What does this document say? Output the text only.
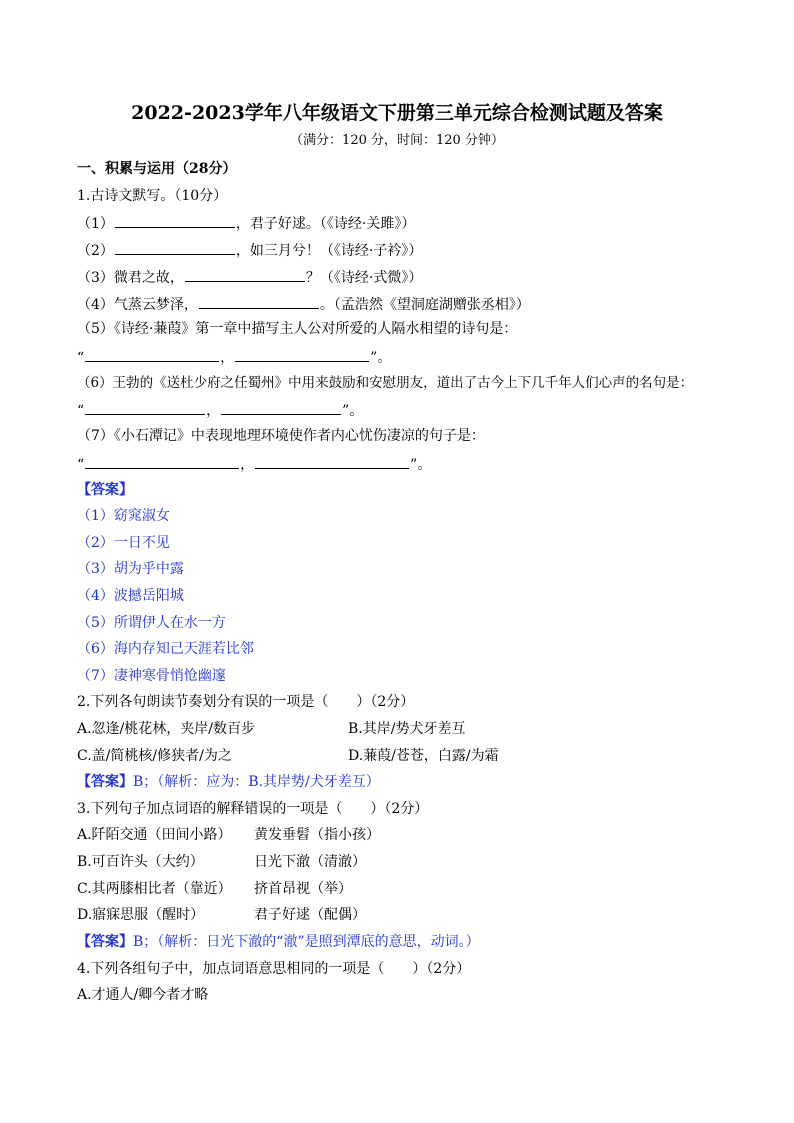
2022-2023学年八年级语文下册第三单元综合检测试题及答案
（满分：120 分，时间：120 分钟）
一、积累与运用（28分）
1.古诗文默写。（10分）
（1）	，君子好逑。（《诗经·关雎》）
（2）	，如三月兮！（《诗经·子衿》）
（3）微君之故，	？（《诗经·式微》）
（4）气蒸云梦泽，	。（孟浩然《望洞庭湖赠张丞相》）
（5）《诗经·蒹葭》第一章中描写主人公对所爱的人隔水相望的诗句是：
“	，	”。
（6）王勃的《送杜少府之任蜀州》中用来鼓励和安慰朋友，道出了古今上下几千年人们心声的名句是：
“	，	”。
（7）《小石潭记》中表现地理环境使作者内心忧伤凄凉的句子是：
“	，	”。
【答案】
（1）窈窕淑女
（2）一日不见
（3）胡为乎中露
（4）波撼岳阳城
（5）所谓伊人在水一方
（6）海内存知己天涯若比邻
（7）凄神寒骨悄怆幽邃
2.下列各句朗读节奏划分有误的一项是（　　）（2分）
A.忽逢/桃花林，夹岸/数百步	B.其岸/势犬牙差互
C.盖/简桃核/修狭者/为之	D.蒹葭/苍苍，白露/为霜
【答案】B；（解析：应为：B.其岸势/犬牙差互）
3.下列句子加点词语的解释错误的一项是（　　）（2分）
A.阡陌交通（田间小路） 黄发垂髫（指小孩）
B.可百许头（大约）	日光下澈（清澈）
C.其两膝相比者（靠近） 挤首昂视（举）
D.寤寐思服（醒时）	君子好逑（配偶）
【答案】B；（解析：日光下澈的“澈”是照到潭底的意思，动词。）
4.下列各组句子中，加点词语意思相同的一项是（　　）（2分）
A.才通人/卿今者才略
